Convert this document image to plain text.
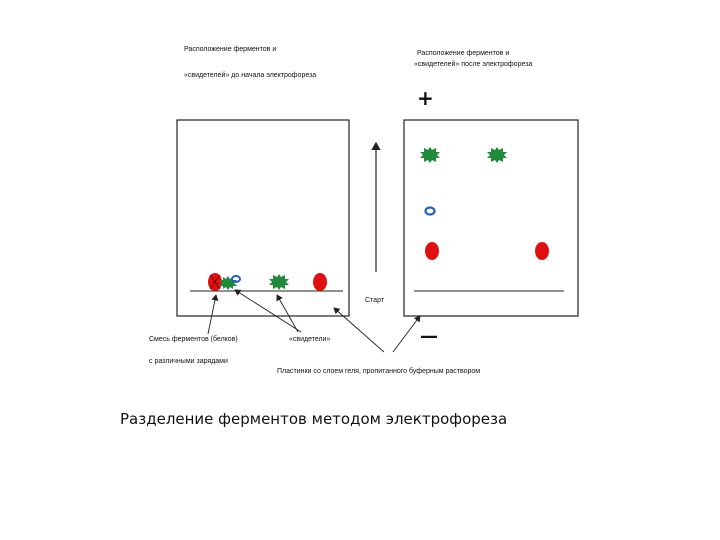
Расположение ферментов и
«свидетелей» до начала электрофореза
Расположение ферментов и
«свидетелей» после электрофореза
Старт
Смесь ферментов (белков)
с различными зарядами
«свидетели»
Пластинки со слоем геля, пропитанного буферным раствором
+
—
Разделение ферментов методом электрофореза
